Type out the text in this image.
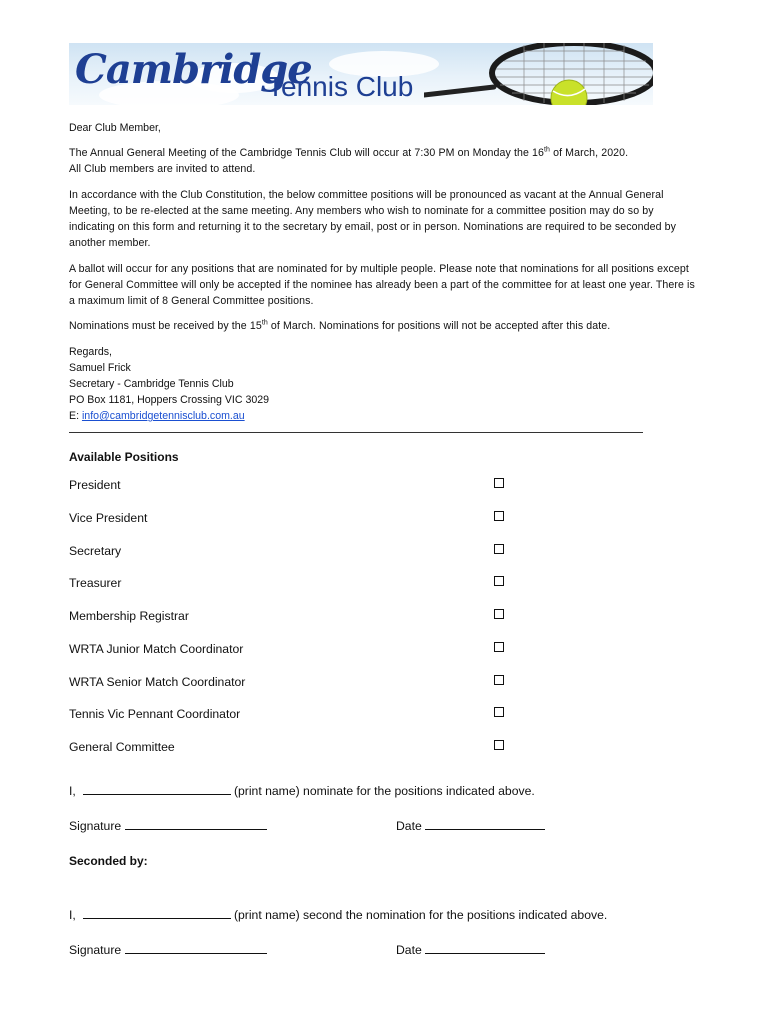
Cambridge
Tennis Club

Dear Club Member,

The Annual General Meeting of the Cambridge Tennis Club will occur at 7:30 PM on Monday the 16th of March, 2020.
All Club members are invited to attend.

In accordance with the Club Constitution, the below committee positions will be pronounced as vacant at the Annual General Meeting, to be re-elected at the same meeting. Any members who wish to nominate for a committee position may do so by indicating on this form and returning it to the secretary by email, post or in person. Nominations are required to be seconded by another member.

A ballot will occur for any positions that are nominated for by multiple people. Please note that nominations for all positions except for General Committee will only be accepted if the nominee has already been a part of the committee for at least one year. There is a maximum limit of 8 General Committee positions.

Nominations must be received by the 15th of March. Nominations for positions will not be accepted after this date.
Regards,
Samuel Frick
Secretary - Cambridge Tennis Club
PO Box 1181, Hoppers Crossing VIC 3029
E: info@cambridgetennisclub.com.au
Available Positions
President
Vice President
Secretary
Treasurer
Membership Registrar
WRTA Junior Match Coordinator
WRTA Senior Match Coordinator
Tennis Vic Pennant Coordinator
General Committee
I,	(print name) nominate for the positions indicated above.
Signature	Date
Seconded by:
I,	(print name) second the nomination for the positions indicated above.
Signature	Date
